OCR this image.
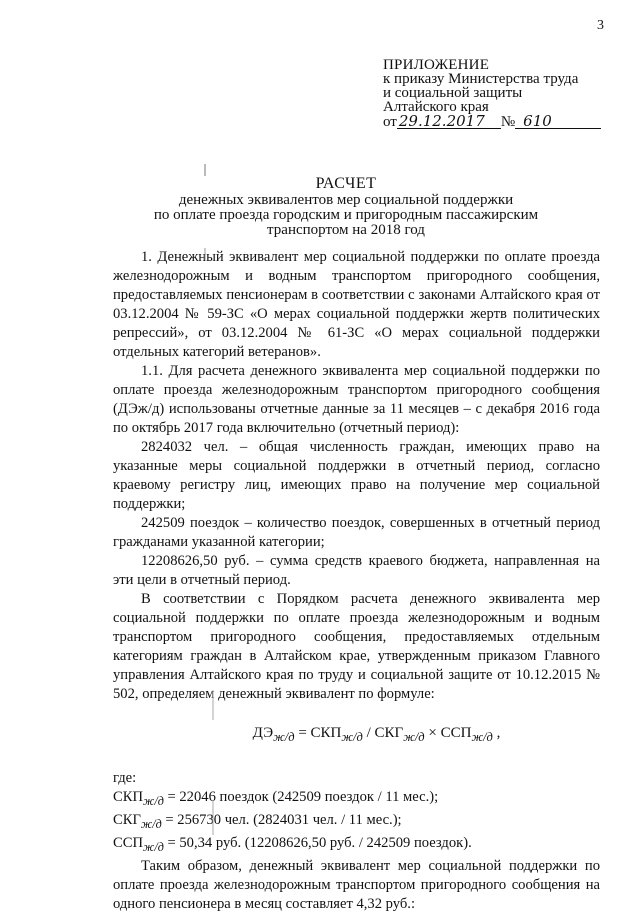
3
ПРИЛОЖЕНИЕ
к приказу Министерства труда
и социальной защиты
Алтайского края
от 29.12.2017	№ 610
РАСЧЕТ
денежных эквивалентов мер социальной поддержки
по оплате проезда городским и пригородным пассажирским
транспортом на 2018 год

1. Денежный эквивалент мер социальной поддержки по оплате проезда железнодорожным и водным транспортом пригородного сообщения, предоставляемых пенсионерам в соответствии с законами Алтайского края от 03.12.2004 № 59-ЗС «О мерах социальной поддержки жертв политических репрессий», от 03.12.2004 № 61-ЗС «О мерах социальной поддержки отдельных категорий ветеранов».

1.1. Для расчета денежного эквивалента мер социальной поддержки по оплате проезда железнодорожным транспортом пригородного сообщения (ДЭж/д) использованы отчетные данные за 11 месяцев – с декабря 2016 года по октябрь 2017 года включительно (отчетный период):

2824032 чел. – общая численность граждан, имеющих право на указанные меры социальной поддержки в отчетный период, согласно краевому регистру лиц, имеющих право на получение мер социальной поддержки;

242509 поездок – количество поездок, совершенных в отчетный период гражданами указанной категории;

12208626,50 руб. – сумма средств краевого бюджета, направленная на эти цели в отчетный период.

В соответствии с Порядком расчета денежного эквивалента мер социальной поддержки по оплате проезда железнодорожным и водным транспортом пригородного сообщения, предоставляемых отдельным категориям граждан в Алтайском крае, утвержденным приказом Главного управления Алтайского края по труду и социальной защите от 10.12.2015 № 502, определяем денежный эквивалент по формуле:

$ДЭ_{ж/д} = СКП_{ж/д} / СКГ_{ж/д} \times ССП_{ж/д}$ ,

где:

$СКП_{ж/д} = 22046$ поездок (242509 поездок / 11 мес.);

$СКГ_{ж/д} = 256730$ чел. (2824031 чел. / 11 мес.);

$ССП_{ж/д} = 50,34$ руб. (12208626,50 руб. / 242509 поездок).

Таким образом, денежный эквивалент мер социальной поддержки по оплате проезда железнодорожным транспортом пригородного сообщения на одного пенсионера в месяц составляет 4,32 руб.:
